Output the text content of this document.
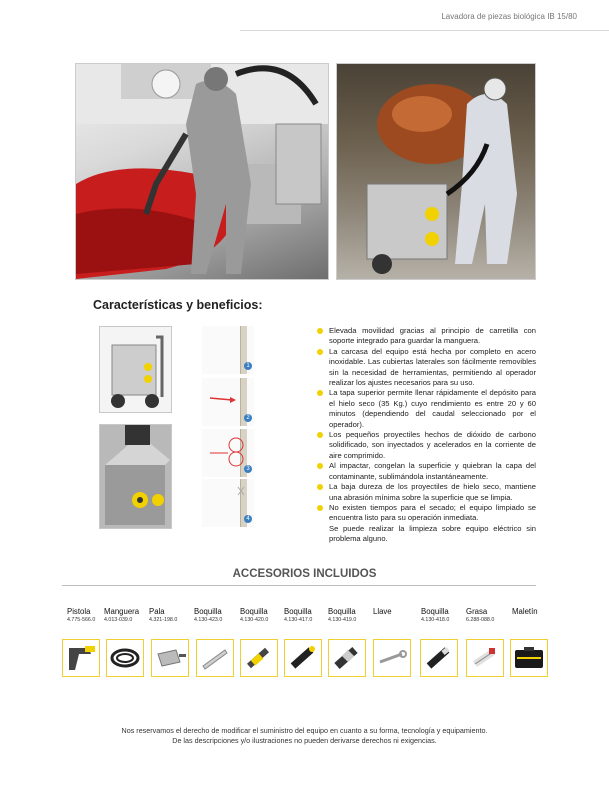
Lavadora de piezas biológica IB 15/80
Características y beneficios:
1
2
3
4
Elevada movilidad gracias al principio de carretilla con soporte integrado para guardar la manguera.
La carcasa del equipo está hecha por completo en acero inoxidable. Las cubiertas laterales son fácilmente removibles sin la necesidad de herramientas, permitiendo al operador realizar los ajustes necesarios para su uso.
La tapa superior permite llenar rápidamente el depósito para el hielo seco (35 Kg.) cuyo rendimiento es entre 20 y 60 minutos (dependiendo del caudal seleccionado por el operador).
Los pequeños proyectiles hechos de dióxido de carbono solidificado, son inyectados y acelerados en la corriente de aire comprimido.
Al impactar, congelan la superficie y quiebran la capa del contaminante, sublimándola instantáneamente.
La baja dureza de los proyectiles de hielo seco, mantiene una abrasión mínima sobre la superficie que se limpia.
No existen tiempos para el secado; el equipo limpiado se encuentra listo para su operación inmediata.
Se puede realizar la limpieza sobre equipo eléctrico sin problema alguno.
ACCESORIOS INCLUIDOS
Pistola
4.775-566.0
Manguera
4.013-039.0
Pala
4.321-198.0
Boquilla
4.130-423.0
Boquilla
4.130-420.0
Boquilla
4.130-417.0
Boquilla
4.130-419.0
Llave	Boquilla
4.130-418.0
Grasa
6.288-088.0
Maletín
Nos reservamos el derecho de modificar el suministro del equipo en cuanto a su forma, tecnología y equipamiento.
De las descripciones y/o ilustraciones no pueden derivarse derechos ni exigencias.
